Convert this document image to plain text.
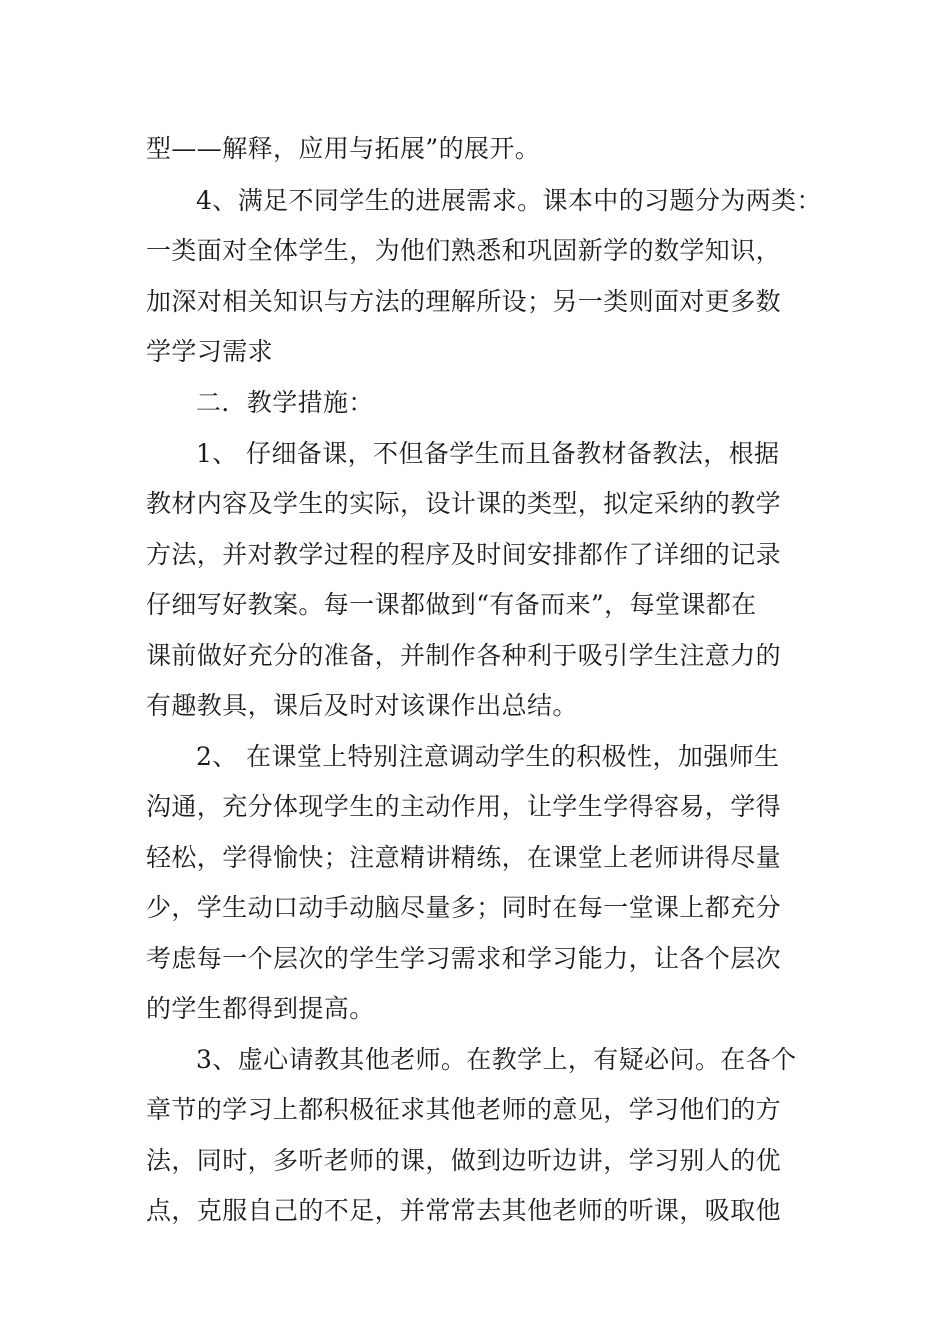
型——解释，应用与拓展”的展开。
4、满足不同学生的进展需求。课本中的习题分为两类：
一类面对全体学生，为他们熟悉和巩固新学的数学知识，
加深对相关知识与方法的理解所设；另一类则面对更多数
学学习需求
二．教学措施：
1、 仔细备课，不但备学生而且备教材备教法，根据
教材内容及学生的实际，设计课的类型，拟定采纳的教学
方法，并对教学过程的程序及时间安排都作了详细的记录
仔细写好教案。每一课都做到“有备而来”，每堂课都在
课前做好充分的准备，并制作各种利于吸引学生注意力的
有趣教具，课后及时对该课作出总结。
2、 在课堂上特别注意调动学生的积极性，加强师生
沟通，充分体现学生的主动作用，让学生学得容易，学得
轻松，学得愉快；注意精讲精练，在课堂上老师讲得尽量
少，学生动口动手动脑尽量多；同时在每一堂课上都充分
考虑每一个层次的学生学习需求和学习能力，让各个层次
的学生都得到提高。
3、虚心请教其他老师。在教学上，有疑必问。在各个
章节的学习上都积极征求其他老师的意见，学习他们的方
法，同时，多听老师的课，做到边听边讲，学习别人的优
点，克服自己的不足，并常常去其他老师的听课，吸取他
